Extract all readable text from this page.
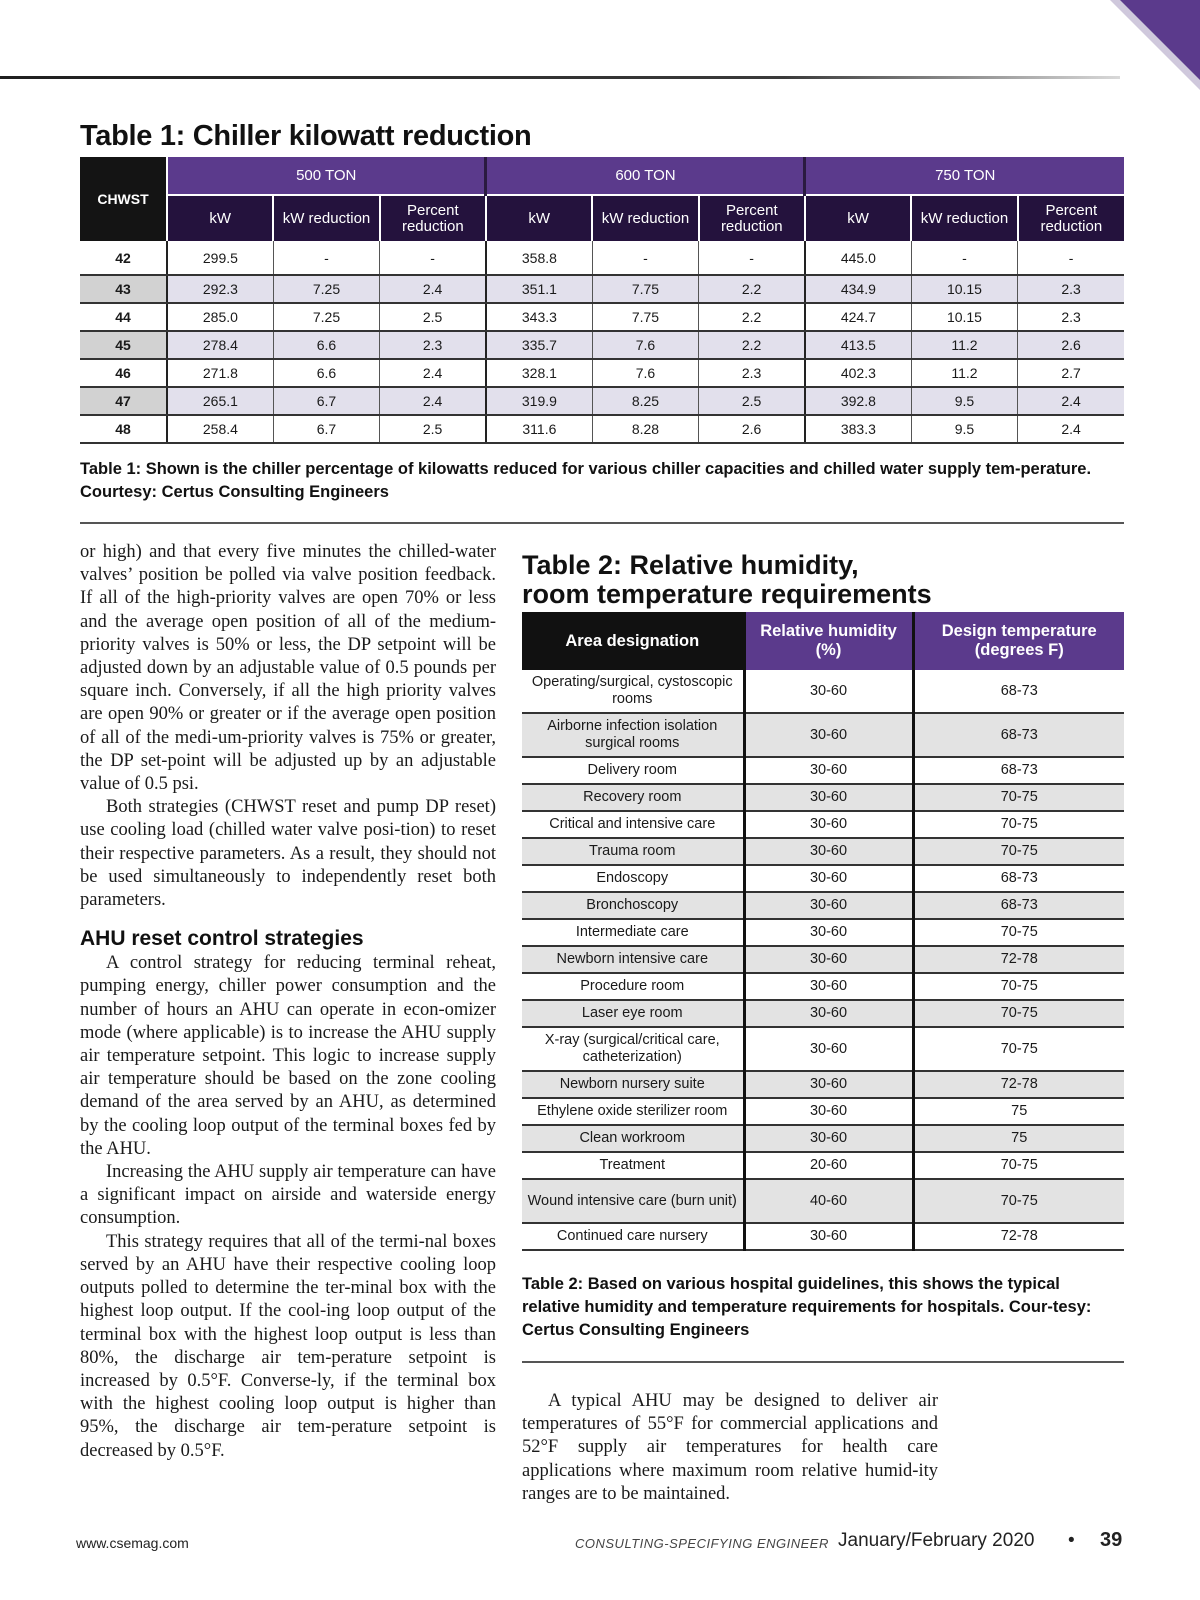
Table 1: Chiller kilowatt reduction
CHWST	500 TON			600 TON			750 TON		
	kW	kW reduction	Percent reduction	kW	kW reduction	Percent reduction	kW	kW reduction	Percent reduction
42	299.5	-	-	358.8	-	-	445.0	-	-
43	292.3	7.25	2.4	351.1	7.75	2.2	434.9	10.15	2.3
44	285.0	7.25	2.5	343.3	7.75	2.2	424.7	10.15	2.3
45	278.4	6.6	2.3	335.7	7.6	2.2	413.5	11.2	2.6
46	271.8	6.6	2.4	328.1	7.6	2.3	402.3	11.2	2.7
47	265.1	6.7	2.4	319.9	8.25	2.5	392.8	9.5	2.4
48	258.4	6.7	2.5	311.6	8.28	2.6	383.3	9.5	2.4
Table 1: Shown is the chiller percentage of kilowatts reduced for various chiller capacities and chilled water supply tem-perature. Courtesy: Certus Consulting Engineers

or high) and that every five minutes the chilled-water valves’ position be polled via valve position feedback. If all of the high-priority valves are open 70% or less and the average open position of all of the medium-priority valves is 50% or less, the DP setpoint will be adjusted down by an adjustable value of 0.5 pounds per square inch. Conversely, if all the high priority valves are open 90% or greater or if the average open position of all of the medi-um-priority valves is 75% or greater, the DP set-point will be adjusted up by an adjustable value of 0.5 psi.

Both strategies (CHWST reset and pump DP reset) use cooling load (chilled water valve posi-tion) to reset their respective parameters. As a result, they should not be used simultaneously to independently reset both parameters.

AHU reset control strategies

A control strategy for reducing terminal reheat, pumping energy, chiller power consumption and the number of hours an AHU can operate in econ-omizer mode (where applicable) is to increase the AHU supply air temperature setpoint. This logic to increase supply air temperature should be based on the zone cooling demand of the area served by an AHU, as determined by the cooling loop output of the terminal boxes fed by the AHU.

Increasing the AHU supply air temperature can have a significant impact on airside and waterside energy consumption.

This strategy requires that all of the termi-nal boxes served by an AHU have their respective cooling loop outputs polled to determine the ter-minal box with the highest loop output. If the cool-ing loop output of the terminal box with the highest loop output is less than 80%, the discharge air tem-perature setpoint is increased by 0.5°F. Converse-ly, if the terminal box with the highest cooling loop output is higher than 95%, the discharge air tem-perature setpoint is decreased by 0.5°F.

Table 2: Relative humidity,
room temperature requirements
Area designation	Relative humidity (%)	Design temperature (degrees F)
Operating/surgical, cystoscopic rooms	30-60	68-73
Airborne infection isolation surgical rooms	30-60	68-73
Delivery room	30-60	68-73
Recovery room	30-60	70-75
Critical and intensive care	30-60	70-75
Trauma room	30-60	70-75
Endoscopy	30-60	68-73
Bronchoscopy	30-60	68-73
Intermediate care	30-60	70-75
Newborn intensive care	30-60	72-78
Procedure room	30-60	70-75
Laser eye room	30-60	70-75
X-ray (surgical/critical care, catheterization)	30-60	70-75
Newborn nursery suite	30-60	72-78
Ethylene oxide sterilizer room	30-60	75
Clean workroom	30-60	75
Treatment	20-60	70-75
Wound intensive care (burn unit)	40-60	70-75
Continued care nursery	30-60	72-78
Table 2: Based on various hospital guidelines, this shows the typical relative humidity and temperature requirements for hospitals. Cour-tesy: Certus Consulting Engineers

A typical AHU may be designed to deliver air temperatures of 55°F for commercial applications and 52°F supply air temperatures for health care applications where maximum room relative humid-ity ranges are to be maintained.

www.csemag.com	CONSULTING-SPECIFYING ENGINEER January/February 2020 • 39
